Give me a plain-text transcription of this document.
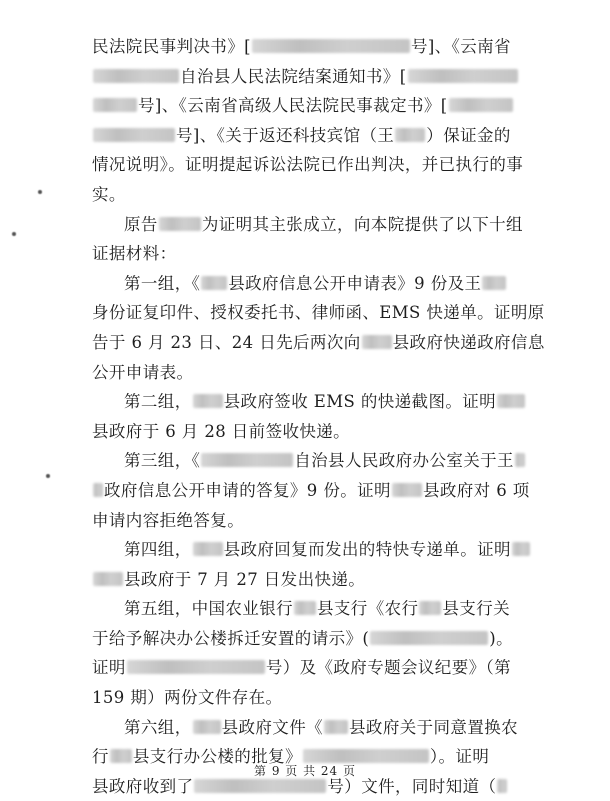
民法院民事判决书》[	号]、《云南省
自治县人民法院结案通知书》[
号]、《云南省高级人民法院民事裁定书》[
号]、《关于返还科技宾馆（王 ）保证金的
情况说明》。证明提起诉讼法院已作出判决，并已执行的事
实。
原告	为证明其主张成立，向本院提供了以下十组
证据材料：
第一组，《 县政府信息公开申请表》9 份及王
身份证复印件、授权委托书、律师函、EMS 快递单。证明原
告于 6 月 23 日、24 日先后两次向 县政府快递政府信息
公开申请表。
第二组， 县政府签收 EMS 的快递截图。证明
县政府于 6 月 28 日前签收快递。
第三组，《	自治县人民政府办公室关于王
政府信息公开申请的答复》9 份。证明 县政府对 6 项
申请内容拒绝答复。
第四组， 县政府回复而发出的特快专递单。证明
县政府于 7 月 27 日发出快递。
第五组，中国农业银行 县支行《农行 县支行关
于给予解决办公楼拆迁安置的请示》(	)。
证明	号）及《政府专题会议纪要》（第
159 期）两份文件存在。
第六组， 县政府文件《 县政府关于同意置换农
行 县支行办公楼的批复》	）。证明
县政府收到了	号）文件，同时知道（
第 9 页 共 24 页
